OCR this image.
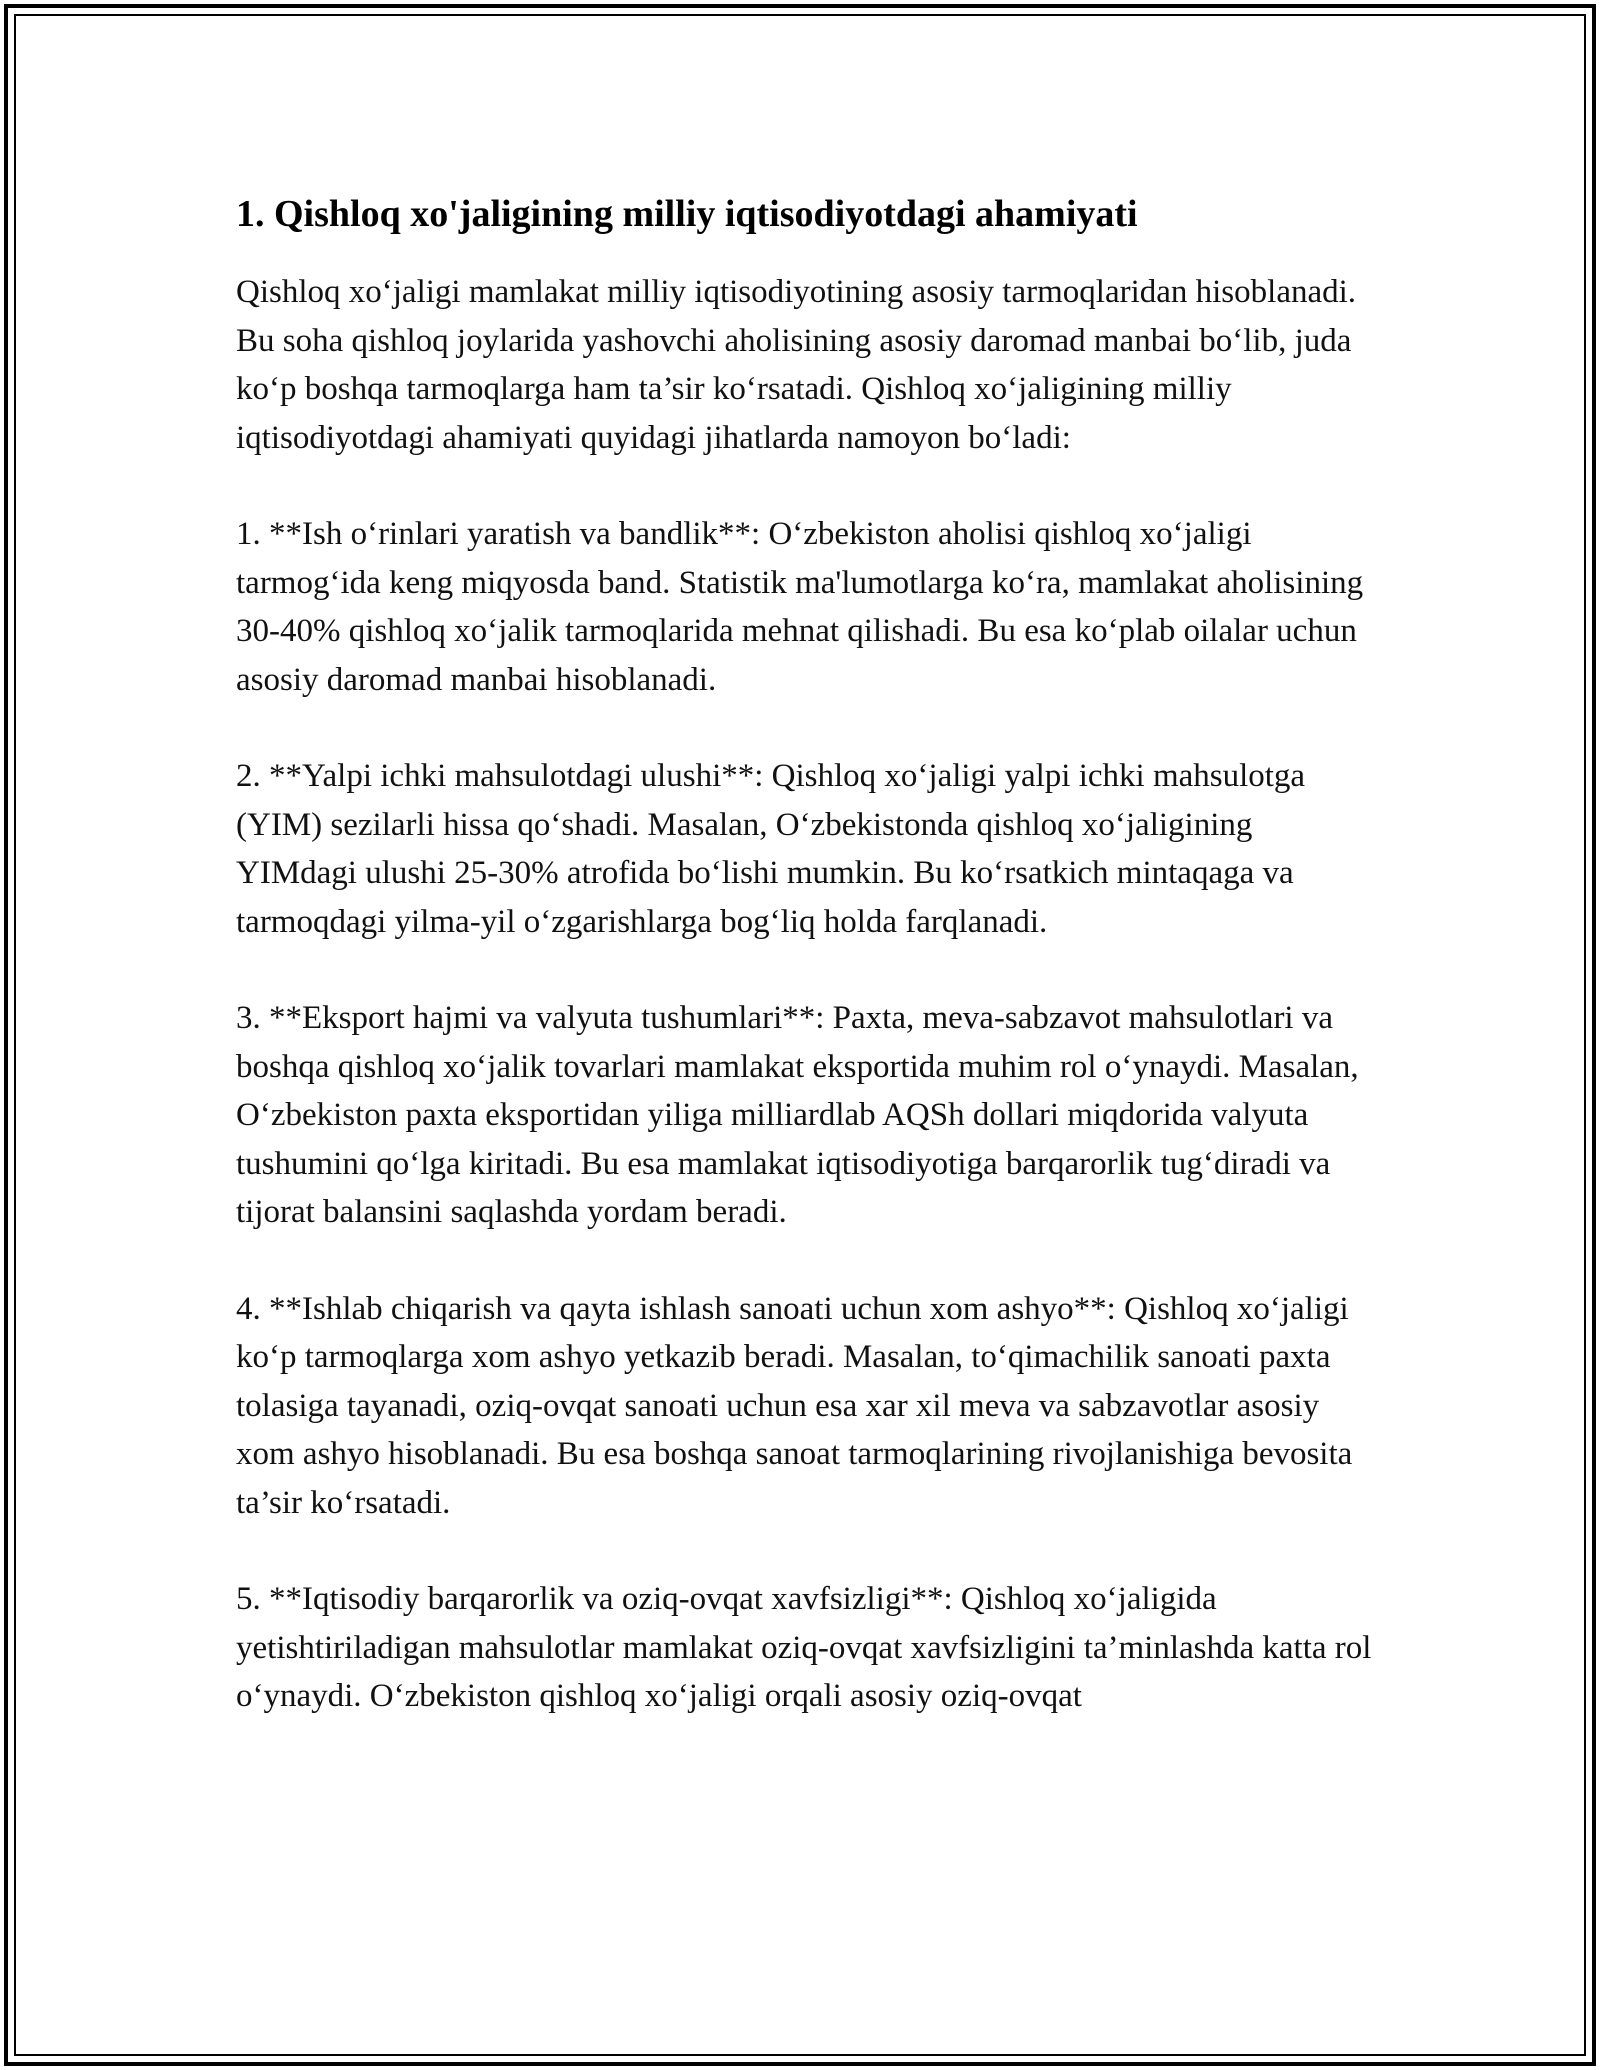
1. Qishloq xo'jaligining milliy iqtisodiyotdagi ahamiyati

Qishloq xo‘jaligi mamlakat milliy iqtisodiyotining asosiy tarmoqlaridan hisoblanadi. Bu soha qishloq joylarida yashovchi aholisining asosiy daromad manbai bo‘lib, juda ko‘p boshqa tarmoqlarga ham ta’sir ko‘rsatadi. Qishloq xo‘jaligining milliy iqtisodiyotdagi ahamiyati quyidagi jihatlarda namoyon bo‘ladi:

1. **Ish o‘rinlari yaratish va bandlik**: O‘zbekiston aholisi qishloq xo‘jaligi tarmog‘ida keng miqyosda band. Statistik ma'lumotlarga ko‘ra, mamlakat aholisining 30-40% qishloq xo‘jalik tarmoqlarida mehnat qilishadi. Bu esa ko‘plab oilalar uchun asosiy daromad manbai hisoblanadi.

2. **Yalpi ichki mahsulotdagi ulushi**: Qishloq xo‘jaligi yalpi ichki mahsulotga (YIM) sezilarli hissa qo‘shadi. Masalan, O‘zbekistonda qishloq xo‘jaligining YIMdagi ulushi 25-30% atrofida bo‘lishi mumkin. Bu ko‘rsatkich mintaqaga va tarmoqdagi yilma-yil o‘zgarishlarga bog‘liq holda farqlanadi.

3. **Eksport hajmi va valyuta tushumlari**: Paxta, meva-sabzavot mahsulotlari va boshqa qishloq xo‘jalik tovarlari mamlakat eksportida muhim rol o‘ynaydi. Masalan, O‘zbekiston paxta eksportidan yiliga milliardlab AQSh dollari miqdorida valyuta tushumini qo‘lga kiritadi. Bu esa mamlakat iqtisodiyotiga barqarorlik tug‘diradi va tijorat balansini saqlashda yordam beradi.

4. **Ishlab chiqarish va qayta ishlash sanoati uchun xom ashyo**: Qishloq xo‘jaligi ko‘p tarmoqlarga xom ashyo yetkazib beradi. Masalan, to‘qimachilik sanoati paxta tolasiga tayanadi, oziq-ovqat sanoati uchun esa xar xil meva va sabzavotlar asosiy xom ashyo hisoblanadi. Bu esa boshqa sanoat tarmoqlarining rivojlanishiga bevosita ta’sir ko‘rsatadi.

5. **Iqtisodiy barqarorlik va oziq-ovqat xavfsizligi**: Qishloq xo‘jaligida yetishtiriladigan mahsulotlar mamlakat oziq-ovqat xavfsizligini ta’minlashda katta rol o‘ynaydi. O‘zbekiston qishloq xo‘jaligi orqali asosiy oziq-ovqat
